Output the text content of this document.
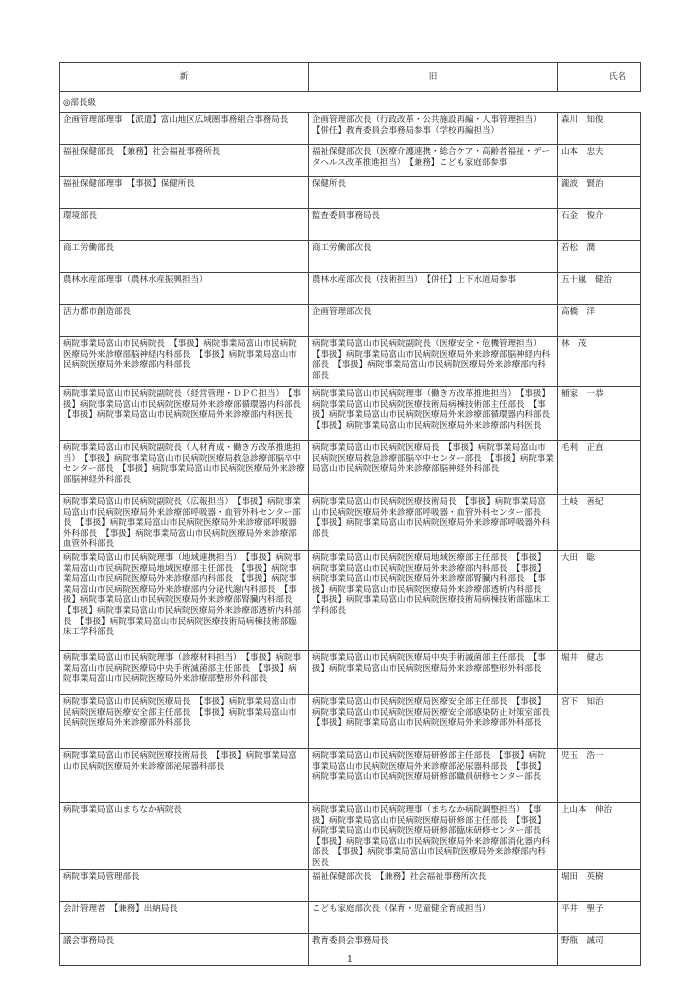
新	旧	氏名
◎部長級		
企画管理部理事　【派遣】富山地区広域圏事務組合事務局長	企画管理部次長（行政改革・公共施設再編・人事管理担当）　【併任】教育委員会事務局参事（学校再編担当）	森川　知俊
福祉保健部長　【兼務】社会福祉事務所長	福祉保健部次長（医療介護連携・総合ケア・高齢者福祉・データヘルス改革推進担当）　【兼務】こども家庭部参事	山本　忠夫
福祉保健部理事　【事扱】保健所長	保健所長	瀧波　賢治
環境部長	監査委員事務局長	石金　俊介
商工労働部長	商工労働部次長	若松　潤
農林水産部理事（農林水産振興担当）	農林水産部次長（技術担当）　【併任】上下水道局参事	五十嵐　健治
活力都市創造部長	企画管理部次長	高橋　洋
病院事業局富山市民病院長　【事扱】病院事業局富山市民病院医療局外来診療部脳神経内科部長　【事扱】病院事業局富山市民病院医療局外来診療部内科部長	病院事業局富山市民病院副院長（医療安全・危機管理担当）　【事扱】病院事業局富山市民病院医療局外来診療部脳神経内科部長　【事扱】病院事業局富山市民病院医療局外来診療部内科部長	林　茂
病院事業局富山市民病院副院長（経営管理・ＤＰＣ担当）　【事扱】病院事業局富山市民病院医療局外来診療部循環器内科部長　【事扱】病院事業局富山市民病院医療局外来診療部内科医長	病院事業局富山市民病院理事（働き方改革推進担当）　【事扱】病院事業局富山市民病院医療技術局病棟技術部主任部長　【事扱】病院事業局富山市民病院医療局外来診療部循環器内科部長　【事扱】病院事業局富山市民病院医療局外来診療部内科医長	桶家　一恭
病院事業局富山市民病院副院長（人材育成・働き方改革推進担当）　【事扱】病院事業局富山市民病院医療局救急診療部脳卒中センター部長　【事扱】病院事業局富山市民病院医療局外来診療部脳神経外科部長	病院事業局富山市民病院医療局長　【事扱】病院事業局富山市民病院医療局救急診療部脳卒中センター部長　【事扱】病院事業局富山市民病院医療局外来診療部脳神経外科部長	毛利　正直
病院事業局富山市民病院副院長（広報担当）　【事扱】病院事業局富山市民病院医療局外来診療部呼吸器・血管外科センター部長　【事扱】病院事業局富山市民病院医療局外来診療部呼吸器外科部長　【事扱】病院事業局富山市民病院医療局外来診療部血管外科部長	病院事業局富山市民病院医療技術局長　【事扱】病院事業局富山市民病院医療局外来診療部呼吸器・血管外科センター部長　【事扱】病院事業局富山市民病院医療局外来診療部呼吸器外科部長	土岐　善紀
病院事業局富山市民病院理事（地域連携担当）　【事扱】病院事業局富山市民病院医療局地域医療部主任部長　【事扱】病院事業局富山市民病院医療局外来診療部内科部長　【事扱】病院事業局富山市民病院医療局外来診療部内分泌代謝内科部長　【事扱】病院事業局富山市民病院医療局外来診療部腎臓内科部長　【事扱】病院事業局富山市民病院医療局外来診療部透析内科部長　【事扱】病院事業局富山市民病院医療技術局病棟技術部臨床工学科部長	病院事業局富山市民病院医療局地域医療部主任部長　【事扱】病院事業局富山市民病院医療局外来診療部内科部長　【事扱】病院事業局富山市民病院医療局外来診療部腎臓内科部長　【事扱】病院事業局富山市民病院医療局外来診療部透析内科部長　【事扱】病院事業局富山市民病院医療技術局病棟技術部臨床工学科部長	大田　聡
病院事業局富山市民病院理事（診療材料担当）　【事扱】病院事業局富山市民病院医療局中央手術滅菌部主任部長　【事扱】病院事業局富山市民病院医療局外来診療部整形外科部長	病院事業局富山市民病院医療局中央手術滅菌部主任部長　【事扱】病院事業局富山市民病院医療局外来診療部整形外科部長	堀井　健志
病院事業局富山市民病院医療局長　【事扱】病院事業局富山市民病院医療局医療安全部主任部長　【事扱】病院事業局富山市民病院医療局外来診療部外科部長	病院事業局富山市民病院医療局医療安全部主任部長　【事扱】病院事業局富山市民病院医療局医療安全部感染防止対策室部長　【事扱】病院事業局富山市民病院医療局外来診療部外科部長	宮下　知治
病院事業局富山市民病院医療技術局長　【事扱】病院事業局富山市民病院医療局外来診療部泌尿器科部長	病院事業局富山市民病院医療局研修部主任部長　【事扱】病院事業局富山市民病院医療局外来診療部泌尿器科部長　【事扱】病院事業局富山市民病院医療局研修部職員研修センター部長	児玉　浩一
病院事業局富山まちなか病院長	病院事業局富山市民病院理事（まちなか病院調整担当）　【事扱】病院事業局富山市民病院医療局研修部主任部長　【事扱】病院事業局富山市民病院医療局研修部臨床研修センター部長　【事扱】病院事業局富山市民病院医療局外来診療部消化器内科部長　【事扱】病院事業局富山市民病院医療局外来診療部内科医長	上山本　伸治
病院事業局管理部長	福祉保健部次長　【兼務】社会福祉事務所次長	堀田　英樹
会計管理者　【兼務】出納局長	こども家庭部次長（保育・児童健全育成担当）	平井　聖子
議会事務局長	教育委員会事務局長	野甁　誠司
1
